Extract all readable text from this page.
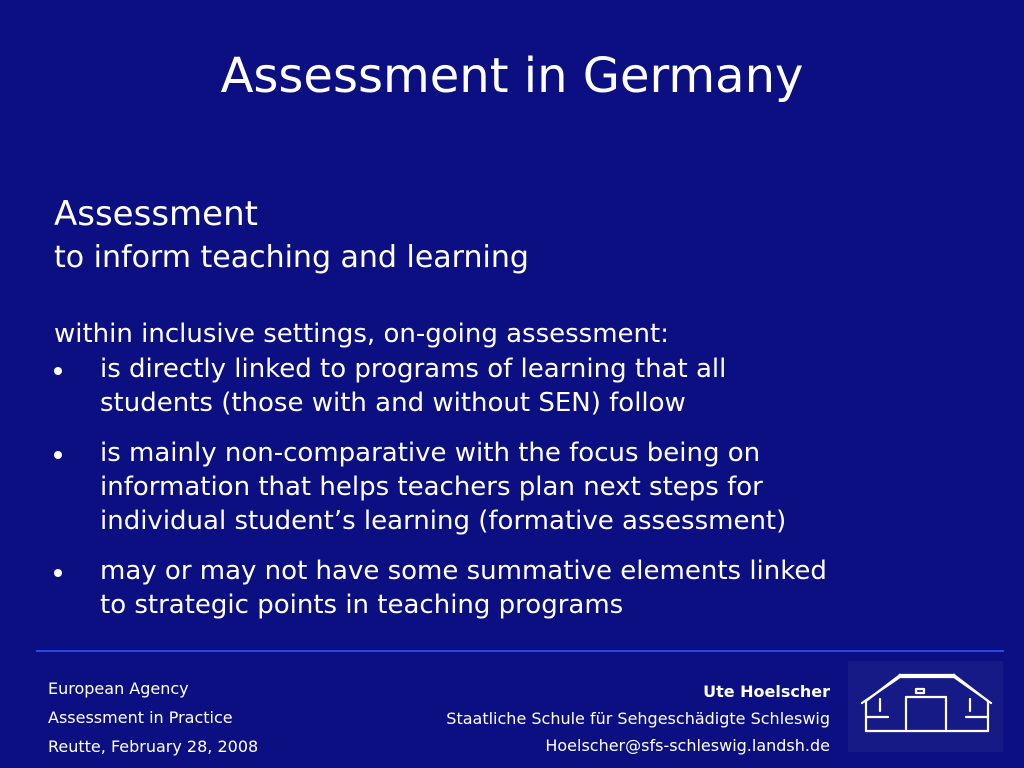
Assessment in Germany
Assessment
to inform teaching and learning
within inclusive settings, on-going assessment:
is directly linked to programs of learning that all
students (those with and without SEN) follow
is mainly non-comparative with the focus being on
information that helps teachers plan next steps for
individual student’s learning (formative assessment)
may or may not have some summative elements linked
to strategic points in teaching programs
European Agency
Assessment in Practice
Reutte, February 28, 2008
Ute Hoelscher
Staatliche Schule für Sehgeschädigte Schleswig
Hoelscher@sfs-schleswig.landsh.de
